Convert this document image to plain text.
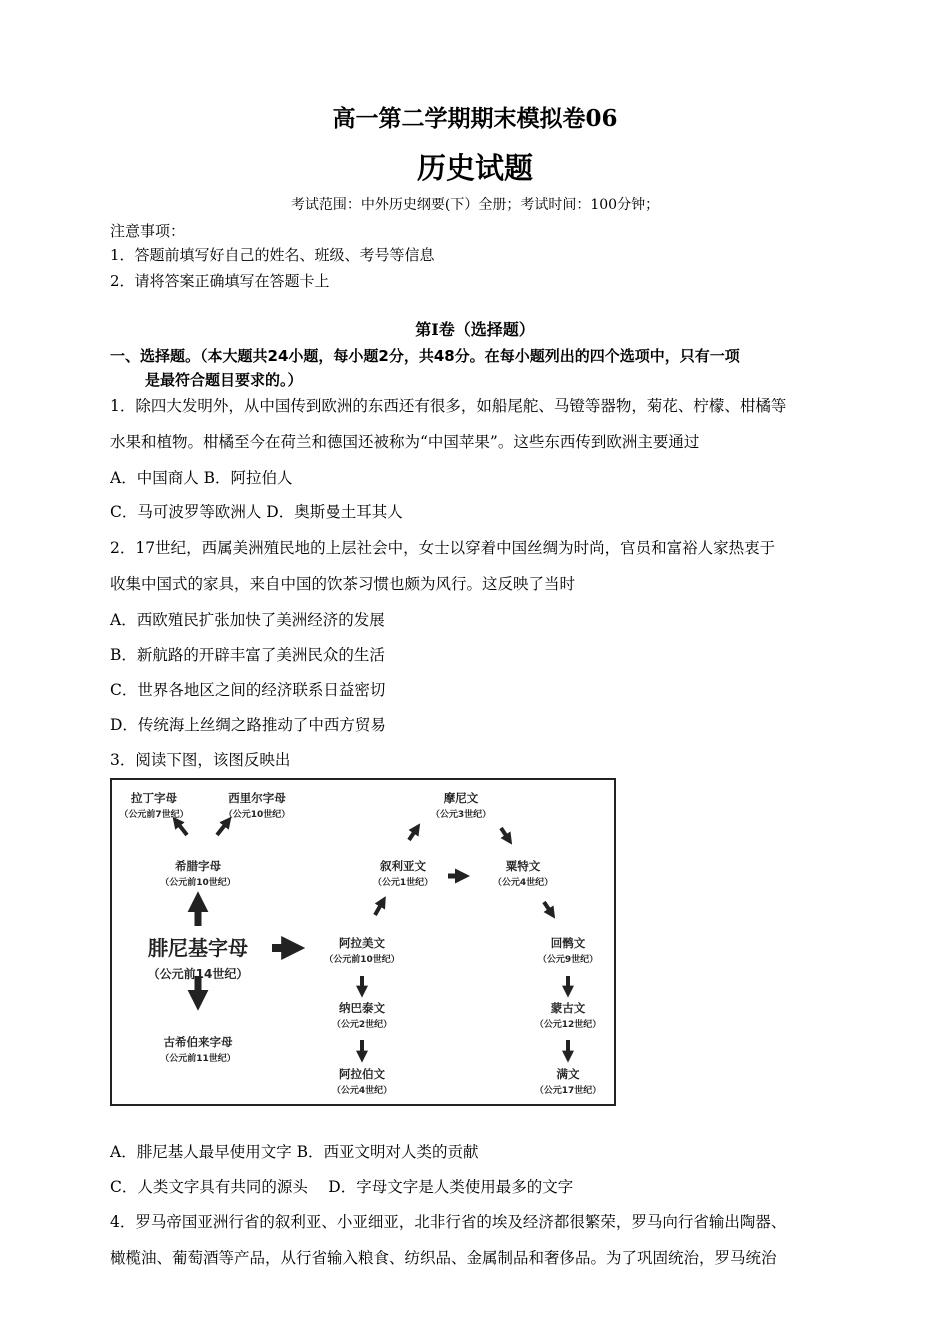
高一第二学期期末模拟卷06
历史试题
考试范围：中外历史纲要(下）全册；考试时间：100分钟；
注意事项：
1．答题前填写好自己的姓名、班级、考号等信息
2．请将答案正确填写在答题卡上
第Ⅰ卷（选择题）
一、选择题。（本大题共24小题，每小题2分，共48分。在每小题列出的四个选项中，只有一项
是最符合题目要求的。）
1．除四大发明外，从中国传到欧洲的东西还有很多，如船尾舵、马镫等器物，菊花、柠檬、柑橘等
水果和植物。柑橘至今在荷兰和德国还被称为“中国苹果”。这些东西传到欧洲主要通过
A．中国商人 B．阿拉伯人
C．马可波罗等欧洲人 D．奥斯曼土耳其人
2．17世纪，西属美洲殖民地的上层社会中，女士以穿着中国丝绸为时尚，官员和富裕人家热衷于
收集中国式的家具，来自中国的饮茶习惯也颇为风行。这反映了当时
A．西欧殖民扩张加快了美洲经济的发展
B．新航路的开辟丰富了美洲民众的生活
C．世界各地区之间的经济联系日益密切
D．传统海上丝绸之路推动了中西方贸易
3．阅读下图，该图反映出
拉丁字母
（公元前7世纪）
西里尔字母
（公元10世纪）
希腊字母
（公元前10世纪）
腓尼基字母
（公元前14世纪）
古希伯来字母
（公元前11世纪）
摩尼文
（公元3世纪）
叙利亚文
（公元1世纪）
粟特文
（公元4世纪）
阿拉美文
（公元前10世纪）
回鹘文
（公元9世纪）
纳巴泰文
（公元2世纪）
蒙古文
（公元12世纪）
阿拉伯文
（公元4世纪）
满文
（公元17世纪）
A．腓尼基人最早使用文字 B．西亚文明对人类的贡献
C．人类文字具有共同的源头　 D．字母文字是人类使用最多的文字
4．罗马帝国亚洲行省的叙利亚、小亚细亚，北非行省的埃及经济都很繁荣，罗马向行省输出陶器、
橄榄油、葡萄酒等产品，从行省输入粮食、纺织品、金属制品和奢侈品。为了巩固统治，罗马统治
